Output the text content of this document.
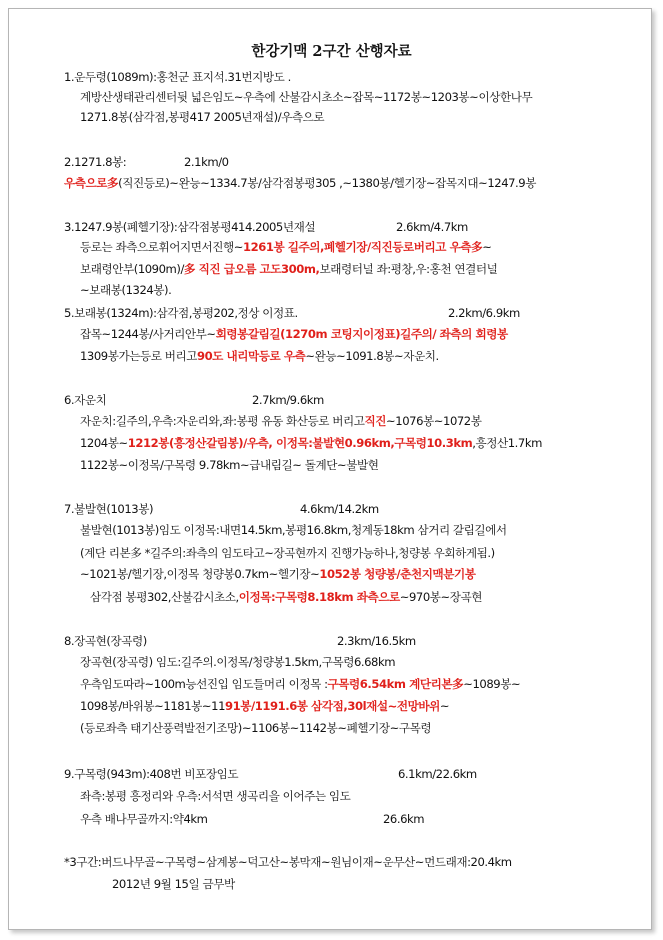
한강기맥 2구간 산행자료
1.운두령(1089m):홍천군 표지석.31번지방도 .
계방산생태관리센터뒷 넓은임도~우측에 산불감시초소~잡목~1172봉~1203봉~이상한나무
1271.8봉(삼각점,봉평417 2005년재설)/우측으로
2.1271.8봉:	2.1km/0
우측으로多(직진등로)~완능~1334.7봉/삼각점봉평305 ,~1380봉/헬기장~잡목지대~1247.9봉
3.1247.9봉(폐헬기장):삼각점봉평414.2005년재설	2.6km/4.7km
등로는 좌측으로휘어지면서진행~1261봉 길주의,폐헬기장/직진등로버리고 우측多~
보래령안부(1090m)/多 직진 급오름 고도300m,보래령터널 좌:평창,우:홍천 연결터널
~보래봉(1324봉).
5.보래봉(1324m):삼각점,봉평202,정상 이정표.	2.2km/6.9km
잡목~1244봉/사거리안부~회령봉갈림길(1270m 코팅지이정표)길주의/ 좌측의 회령봉
1309봉가는등로 버리고90도 내리막등로 우측~완능~1091.8봉~자운치.
6.자운치	2.7km/9.6km
자운치:길주의,우측:자운리와,좌:봉평 유동 화산등로 버리고직진~1076봉~1072봉
1204봉~1212봉(흥정산갈림봉)/우측, 이정목:불발현0.96km,구목령10.3km,흥정산1.7km
1122봉~이정목/구목령 9.78km~급내림길~ 돌계단~불발현
7.불발현(1013봉)	4.6km/14.2km
불발현(1013봉)임도 이정목:내면14.5km,봉평16.8km,청계동18km 삼거리 갈림길에서
(계단 리본多 *길주의:좌측의 임도타고~장곡현까지 진행가능하나,청량봉 우회하게됨.)
~1021봉/헬기장,이정목 청량봉0.7km~헬기장~1052봉 청량봉/춘천지맥분기봉
삼각점 봉평302,산불감시초소,이정목:구목령8.18km 좌측으로~970봉~장곡현
8.장곡현(장곡령)	2.3km/16.5km
장곡현(장곡령) 임도:길주의.이정목/청량봉1.5km,구목령6.68km
우측임도따라~100m능선진입 임도들머리 이정목 :구목령6.54km 계단리본多~1089봉~
1098봉/바위봉~1181봉~1191봉/1191.6봉 삼각점,30l재설~전망바위~
(등로좌측 태기산풍력발전기조망)~1106봉~1142봉~폐헬기장~구목령
9.구목령(943m):408번 비포장임도	6.1km/22.6km
좌측:봉평 흥정리와 우측:서석면 생곡리을 이어주는 임도
우측 배나무골까지:약4km	26.6km
*3구간:버드나무골~구목령~삼계봉~덕고산~봉막재~원님이재~운무산~먼드래재:20.4km
2012년 9월 15일 금무박
